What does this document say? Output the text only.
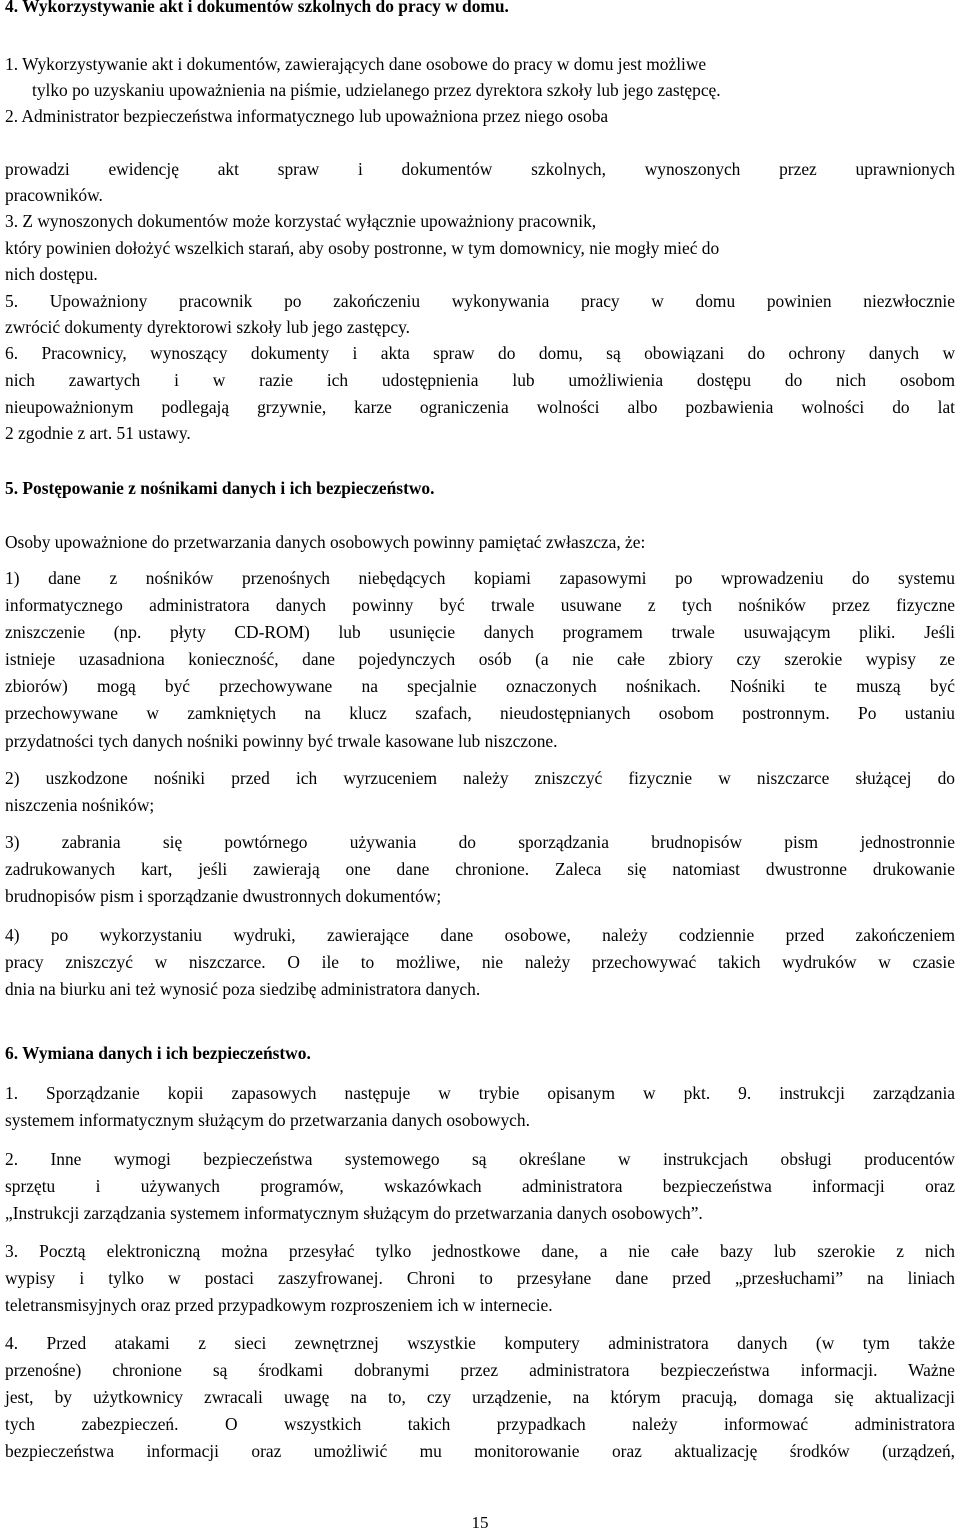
4. Wykorzystywanie akt i dokumentów szkolnych do pracy w domu.
1. Wykorzystywanie akt i dokumentów, zawierających dane osobowe do pracy w domu jest możliwe
tylko po uzyskaniu upoważnienia na piśmie, udzielanego przez dyrektora szkoły lub jego zastępcę.
2. Administrator bezpieczeństwa informatycznego lub upoważniona przez niego osoba
prowadzi ewidencję akt spraw i dokumentów szkolnych, wynoszonych przez uprawnionych
pracowników.
3. Z wynoszonych dokumentów może korzystać wyłącznie upoważniony pracownik,
który powinien dołożyć wszelkich starań, aby osoby postronne, w tym domownicy, nie mogły mieć do
nich dostępu.
5. Upoważniony pracownik po zakończeniu wykonywania pracy w domu powinien niezwłocznie
zwrócić dokumenty dyrektorowi szkoły lub jego zastępcy.
6. Pracownicy, wynoszący dokumenty i akta spraw do domu, są obowiązani do ochrony danych w
nich zawartych i w razie ich udostępnienia lub umożliwienia dostępu do nich osobom
nieupoważnionym podlegają grzywnie, karze ograniczenia wolności albo pozbawienia wolności do lat
2 zgodnie z art. 51 ustawy.
5. Postępowanie z nośnikami danych i ich bezpieczeństwo.
Osoby upoważnione do przetwarzania danych osobowych powinny pamiętać zwłaszcza, że:
1) dane z nośników przenośnych niebędących kopiami zapasowymi po wprowadzeniu do systemu
informatycznego administratora danych powinny być trwale usuwane z tych nośników przez fizyczne
zniszczenie (np. płyty CD-ROM) lub usunięcie danych programem trwale usuwającym pliki. Jeśli
istnieje uzasadniona konieczność, dane pojedynczych osób (a nie całe zbiory czy szerokie wypisy ze
zbiorów) mogą być przechowywane na specjalnie oznaczonych nośnikach. Nośniki te muszą być
przechowywane w zamkniętych na klucz szafach, nieudostępnianych osobom postronnym. Po ustaniu
przydatności tych danych nośniki powinny być trwale kasowane lub niszczone.
2) uszkodzone nośniki przed ich wyrzuceniem należy zniszczyć fizycznie w niszczarce służącej do
niszczenia nośników;
3) zabrania się powtórnego używania do sporządzania brudnopisów pism jednostronnie
zadrukowanych kart, jeśli zawierają one dane chronione. Zaleca się natomiast dwustronne drukowanie
brudnopisów pism i sporządzanie dwustronnych dokumentów;
4) po wykorzystaniu wydruki, zawierające dane osobowe, należy codziennie przed zakończeniem
pracy zniszczyć w niszczarce. O ile to możliwe, nie należy przechowywać takich wydruków w czasie
dnia na biurku ani też wynosić poza siedzibę administratora danych.
6. Wymiana danych i ich bezpieczeństwo.
1. Sporządzanie kopii zapasowych następuje w trybie opisanym w pkt. 9. instrukcji zarządzania
systemem informatycznym służącym do przetwarzania danych osobowych.
2. Inne wymogi bezpieczeństwa systemowego są określane w instrukcjach obsługi producentów
sprzętu i używanych programów, wskazówkach administratora bezpieczeństwa informacji oraz
„Instrukcji zarządzania systemem informatycznym służącym do przetwarzania danych osobowych”.
3. Pocztą elektroniczną można przesyłać tylko jednostkowe dane, a nie całe bazy lub szerokie z nich
wypisy i tylko w postaci zaszyfrowanej. Chroni to przesyłane dane przed „przesłuchami” na liniach
teletransmisyjnych oraz przed przypadkowym rozproszeniem ich w internecie.
4. Przed atakami z sieci zewnętrznej wszystkie komputery administratora danych (w tym także
przenośne) chronione są środkami dobranymi przez administratora bezpieczeństwa informacji. Ważne
jest, by użytkownicy zwracali uwagę na to, czy urządzenie, na którym pracują, domaga się aktualizacji
tych zabezpieczeń. O wszystkich takich przypadkach należy informować administratora
bezpieczeństwa informacji oraz umożliwić mu monitorowanie oraz aktualizację środków (urządzeń,
15
